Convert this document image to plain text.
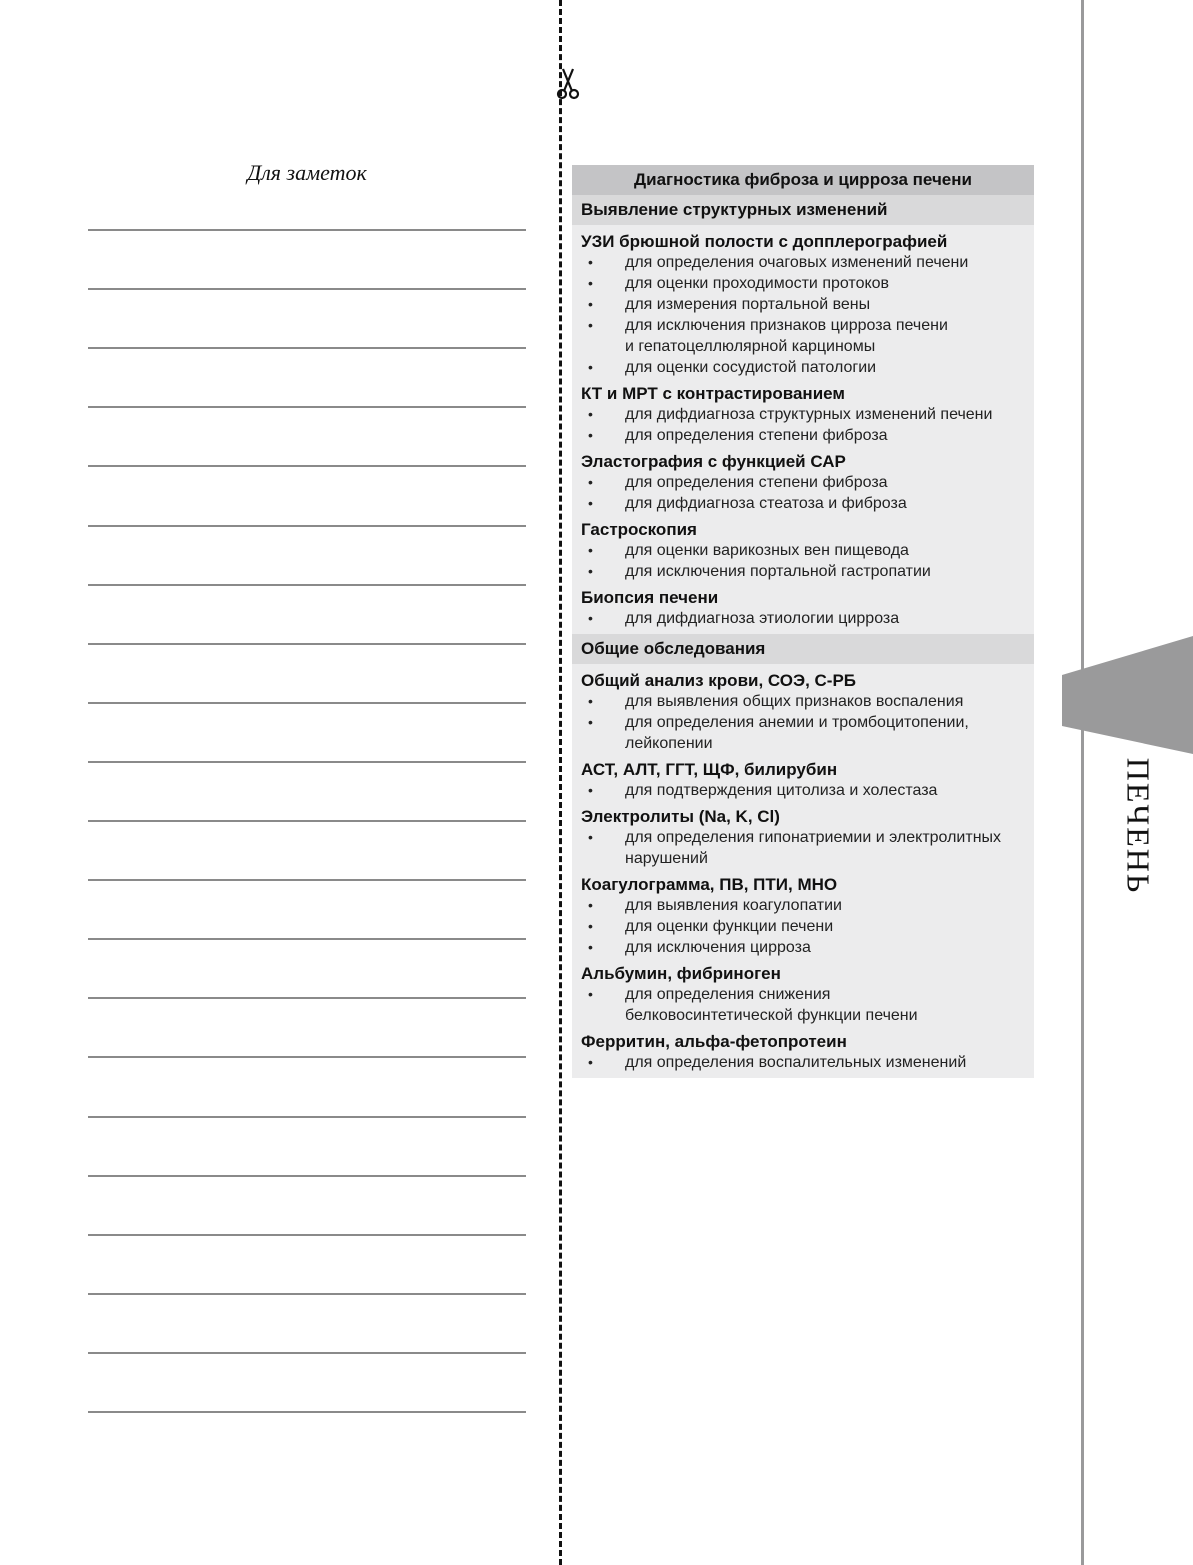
Для заметок
ПЕЧЕНЬ
Диагностика фиброза и цирроза печени
Выявление структурных изменений
УЗИ брюшной полости с допплерографией
• для определения очаговых изменений печени
• для оценки проходимости протоков
• для измерения портальной вены
• для исключения признаков цирроза печени
и гепатоцеллюлярной карциномы
• для оценки сосудистой патологии
КТ и МРТ с контрастированием
• для дифдиагноза структурных изменений печени
• для определения степени фиброза
Эластография с функцией САР
• для определения степени фиброза
• для дифдиагноза стеатоза и фиброза
Гастроскопия
• для оценки варикозных вен пищевода
• для исключения портальной гастропатии
Биопсия печени
• для дифдиагноза этиологии цирроза
Общие обследования
Общий анализ крови, СОЭ, С-РБ
• для выявления общих признаков воспаления
• для определения анемии и тромбоцитопении,
лейкопении
АСТ, АЛТ, ГГТ, ЩФ, билирубин
• для подтверждения цитолиза и холестаза
Электролиты (Na, K, Cl)
• для определения гипонатриемии и электролитных
нарушений
Коагулограмма, ПВ, ПТИ, МНО
• для выявления коагулопатии
• для оценки функции печени
• для исключения цирроза
Альбумин, фибриноген
• для определения снижения
белковосинтетической функции печени
Ферритин, альфа-фетопротеин
• для определения воспалительных изменений
